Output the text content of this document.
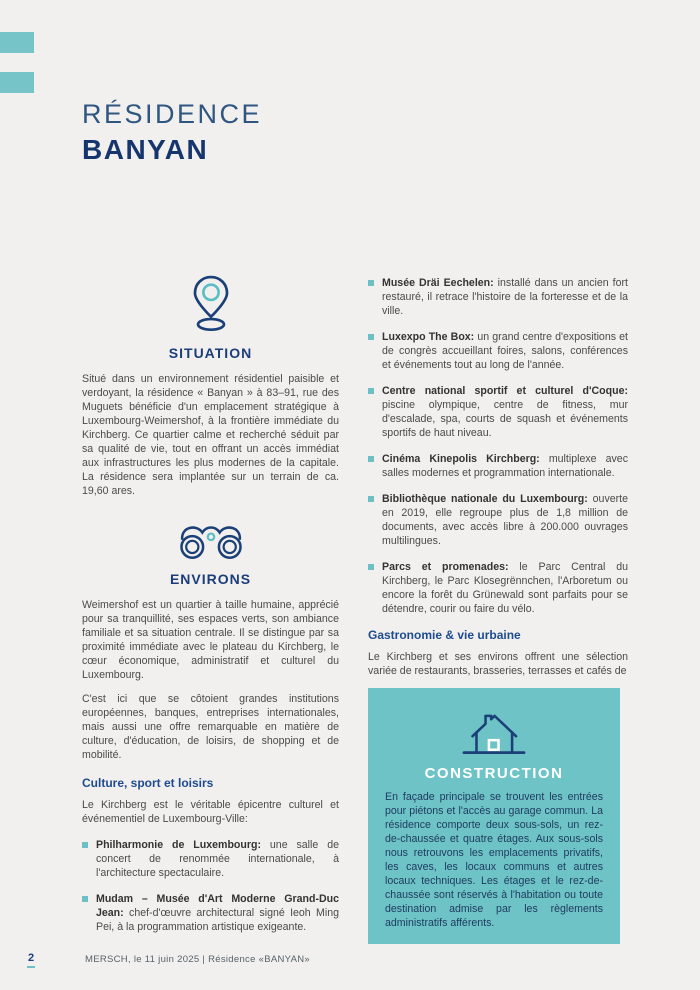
RÉSIDENCE
BANYAN
SITUATION

Situé dans un environnement résidentiel paisible et verdoyant, la résidence « Banyan » à 83–91, rue des Muguets bénéficie d'un emplacement stratégique à Luxembourg-Weimershof, à la frontière immédiate du Kirchberg. Ce quartier calme et recherché séduit par sa qualité de vie, tout en offrant un accès immédiat aux infrastructures les plus modernes de la capitale. La résidence sera implantée sur un terrain de ca. 19,60 ares.

ENVIRONS

Weimershof est un quartier à taille humaine, apprécié pour sa tranquillité, ses espaces verts, son ambiance familiale et sa situation centrale. Il se distingue par sa proximité immédiate avec le plateau du Kirchberg, le cœur économique, administratif et culturel du Luxembourg.

C'est ici que se côtoient grandes institutions européennes, banques, entreprises internationales, mais aussi une offre remarquable en matière de culture, d'éducation, de loisirs, de shopping et de mobilité.

Culture, sport et loisirs

Le Kirchberg est le véritable épicentre culturel et événementiel de Luxembourg-Ville:

Philharmonie de Luxembourg: une salle de concert de renommée internationale, à l'architecture spectaculaire.

Mudam – Musée d'Art Moderne Grand-Duc Jean: chef-d'œuvre architectural signé Ieoh Ming Pei, à la programmation artistique exigeante.

Musée Dräi Eechelen: installé dans un ancien fort restauré, il retrace l'histoire de la forteresse et de la ville.

Luxexpo The Box: un grand centre d'expositions et de congrès accueillant foires, salons, conférences et événements tout au long de l'année.

Centre national sportif et culturel d'Coque: piscine olympique, centre de fitness, mur d'escalade, spa, courts de squash et événements sportifs de haut niveau.

Cinéma Kinepolis Kirchberg: multiplexe avec salles modernes et programmation internationale.

Bibliothèque nationale du Luxembourg: ouverte en 2019, elle regroupe plus de 1,8 million de documents, avec accès libre à 200.000 ouvrages multilingues.

Parcs et promenades: le Parc Central du Kirchberg, le Parc Klosegrënnchen, l'Arboretum ou encore la forêt du Grünewald sont parfaits pour se détendre, courir ou faire du vélo.

Gastronomie & vie urbaine

Le Kirchberg et ses environs offrent une sélection variée de restaurants, brasseries, terrasses et cafés de

CONSTRUCTION

En façade principale se trouvent les entrées pour piétons et l'accès au garage commun. La résidence comporte deux sous-sols, un rez-de-chaussée et quatre étages. Aux sous-sols nous retrouvons les emplacements privatifs, les caves, les locaux communs et autres locaux techniques. Les étages et le rez-de-chaussée sont réservés à l'habitation ou toute destination admise par les règlements administratifs afférents.

2	MERSCH, le 11 juin 2025 | Résidence «BANYAN»
